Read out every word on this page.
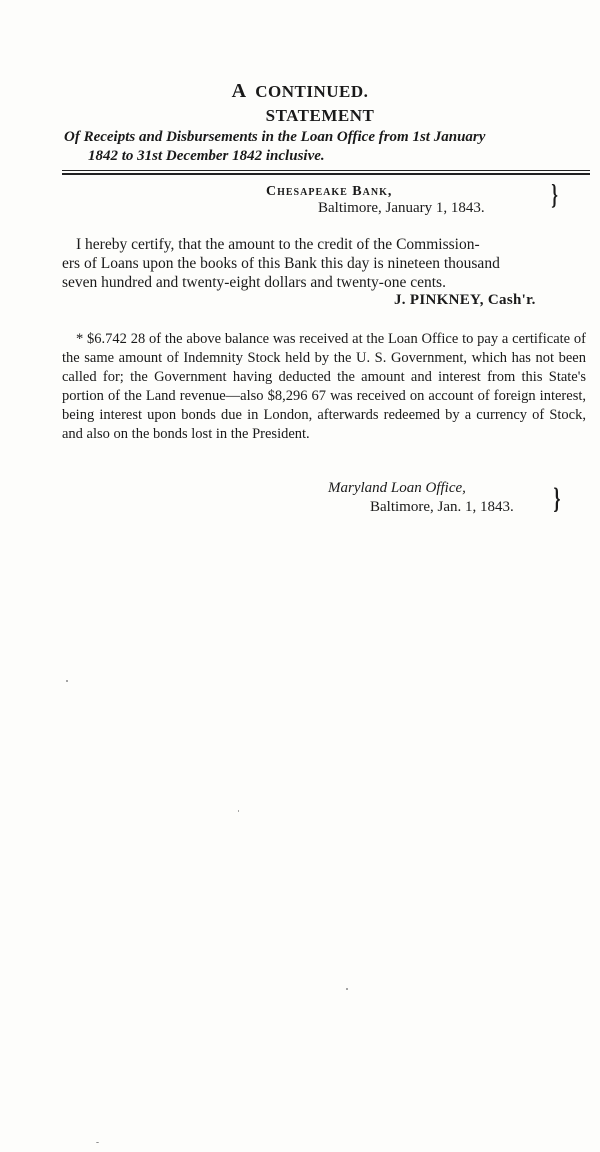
A CONTINUED.
STATEMENT
Of Receipts and Disbursements in the Loan Office from 1st January
1842 to 31st December 1842 inclusive.
Chesapeake Bank,
Baltimore, January 1, 1843. }
I hereby certify, that the amount to the credit of the Commission-
ers of Loans upon the books of this Bank this day is nineteen thousand
seven hundred and twenty-eight dollars and twenty-one cents.
J. PINKNEY, Cash'r.

* $6.742 28 of the above balance was received at the Loan Office to pay a certificate of the same amount of Indemnity Stock held by the U. S. Government, which has not been called for; the Government having deducted the amount and interest from this State's portion of the Land revenue—also $8,296 67 was received on account of foreign interest, being interest upon bonds due in London, afterwards redeemed by a currency of Stock, and also on the bonds lost in the President.

Maryland Loan Office,
Baltimore, Jan. 1, 1843. }
